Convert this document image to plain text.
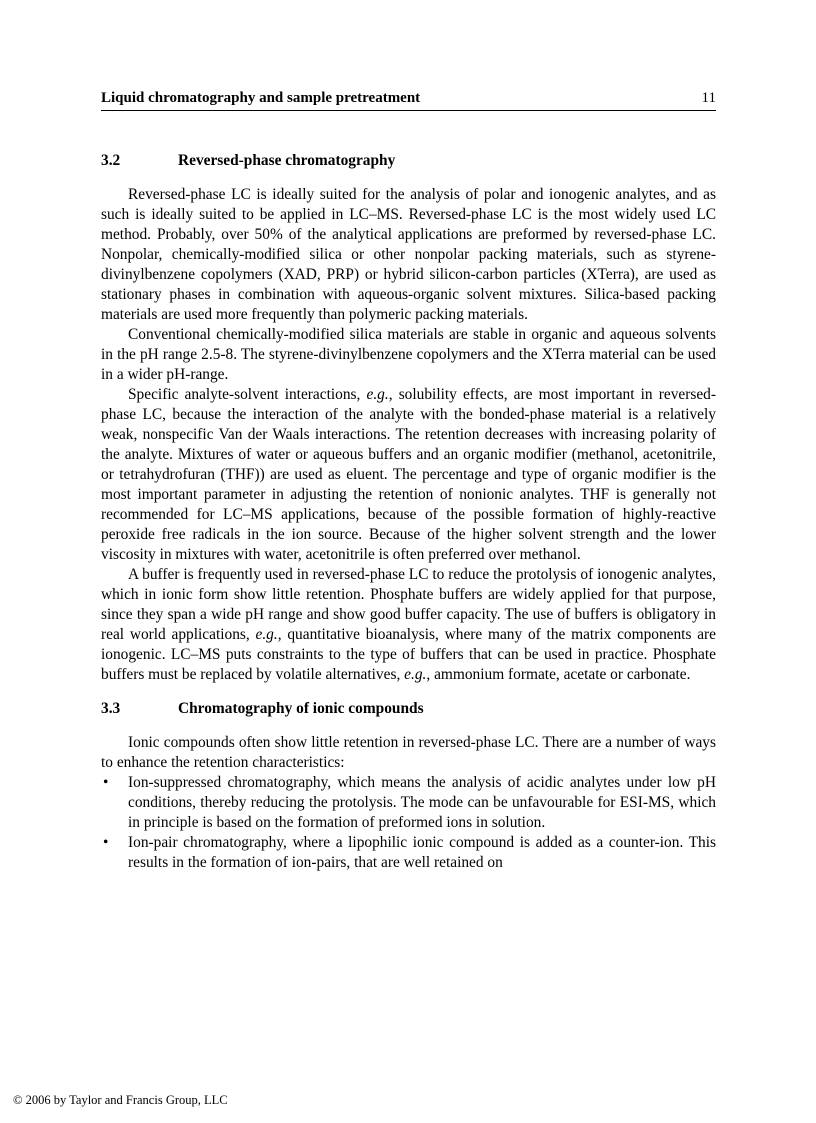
Liquid chromatography and sample pretreatment	11
3.2	Reversed-phase chromatography

Reversed-phase LC is ideally suited for the analysis of polar and ionogenic analytes, and as such is ideally suited to be applied in LC–MS. Reversed-phase LC is the most widely used LC method. Probably, over 50% of the analytical applications are preformed by reversed-phase LC. Nonpolar, chemically-modified silica or other nonpolar packing materials, such as styrene-divinylbenzene copolymers (XAD, PRP) or hybrid silicon-carbon particles (XTerra), are used as stationary phases in combination with aqueous-organic solvent mixtures. Silica-based packing materials are used more frequently than polymeric packing materials.

Conventional chemically-modified silica materials are stable in organic and aqueous solvents in the pH range 2.5-8. The styrene-divinylbenzene copolymers and the XTerra material can be used in a wider pH-range.

Specific analyte-solvent interactions, e.g., solubility effects, are most important in reversed-phase LC, because the interaction of the analyte with the bonded-phase material is a relatively weak, nonspecific Van der Waals interactions. The retention decreases with increasing polarity of the analyte. Mixtures of water or aqueous buffers and an organic modifier (methanol, acetonitrile, or tetrahydrofuran (THF)) are used as eluent. The percentage and type of organic modifier is the most important parameter in adjusting the retention of nonionic analytes. THF is generally not recommended for LC–MS applications, because of the possible formation of highly-reactive peroxide free radicals in the ion source. Because of the higher solvent strength and the lower viscosity in mixtures with water, acetonitrile is often preferred over methanol.

A buffer is frequently used in reversed-phase LC to reduce the protolysis of ionogenic analytes, which in ionic form show little retention. Phosphate buffers are widely applied for that purpose, since they span a wide pH range and show good buffer capacity. The use of buffers is obligatory in real world applications, e.g., quantitative bioanalysis, where many of the matrix components are ionogenic. LC–MS puts constraints to the type of buffers that can be used in practice. Phosphate buffers must be replaced by volatile alternatives, e.g., ammonium formate, acetate or carbonate.

3.3	Chromatography of ionic compounds

Ionic compounds often show little retention in reversed-phase LC. There are a number of ways to enhance the retention characteristics:

• Ion-suppressed chromatography, which means the analysis of acidic analytes under low pH conditions, thereby reducing the protolysis. The mode can be unfavourable for ESI-MS, which in principle is based on the formation of preformed ions in solution.
• Ion-pair chromatography, where a lipophilic ionic compound is added as a counter-ion. This results in the formation of ion-pairs, that are well retained on
© 2006 by Taylor and Francis Group, LLC
